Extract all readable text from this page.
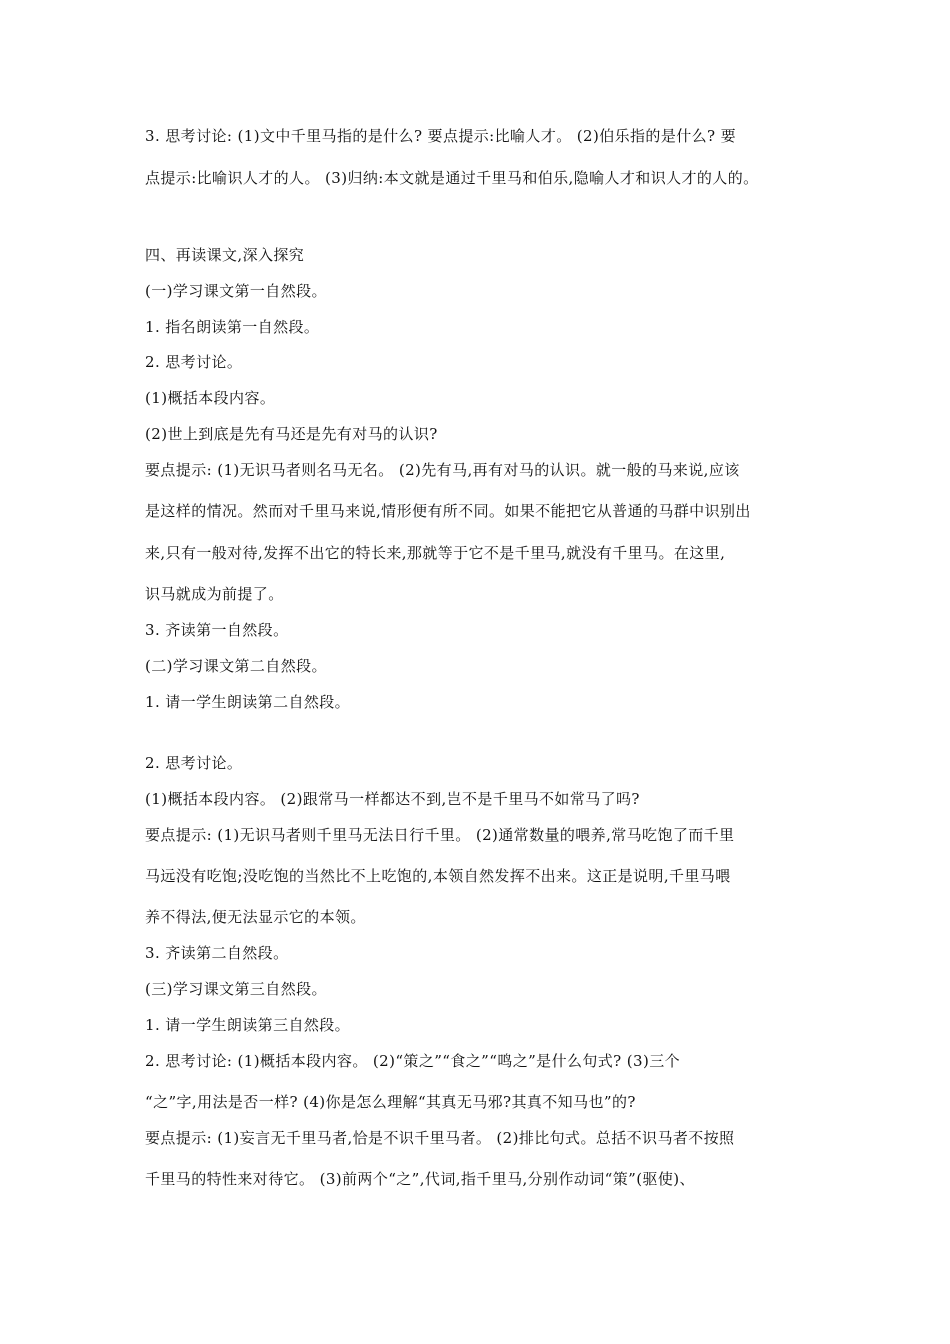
3. 思考讨论: (1)文中千里马指的是什么? 要点提示:比喻人才。 (2)伯乐指的是什么? 要
点提示:比喻识人才的人。 (3)归纳:本文就是通过千里马和伯乐,隐喻人才和识人才的人的。
四、再读课文,深入探究
(一)学习课文第一自然段。
1. 指名朗读第一自然段。
2. 思考讨论。
(1)概括本段内容。
(2)世上到底是先有马还是先有对马的认识?
要点提示: (1)无识马者则名马无名。 (2)先有马,再有对马的认识。就一般的马来说,应该
是这样的情况。然而对千里马来说,情形便有所不同。如果不能把它从普通的马群中识别出
来,只有一般对待,发挥不出它的特长来,那就等于它不是千里马,就没有千里马。在这里,
识马就成为前提了。
3. 齐读第一自然段。
(二)学习课文第二自然段。
1. 请一学生朗读第二自然段。
2. 思考讨论。
(1)概括本段内容。 (2)跟常马一样都达不到,岂不是千里马不如常马了吗?
要点提示: (1)无识马者则千里马无法日行千里。 (2)通常数量的喂养,常马吃饱了而千里
马远没有吃饱;没吃饱的当然比不上吃饱的,本领自然发挥不出来。这正是说明,千里马喂
养不得法,便无法显示它的本领。
3. 齐读第二自然段。
(三)学习课文第三自然段。
1. 请一学生朗读第三自然段。
2. 思考讨论: (1)概括本段内容。 (2)“策之”“食之”“鸣之”是什么句式? (3)三个
“之”字,用法是否一样? (4)你是怎么理解“其真无马邪?其真不知马也”的?
要点提示: (1)妄言无千里马者,恰是不识千里马者。 (2)排比句式。总括不识马者不按照
千里马的特性来对待它。 (3)前两个“之”,代词,指千里马,分别作动词“策”(驱使)、
